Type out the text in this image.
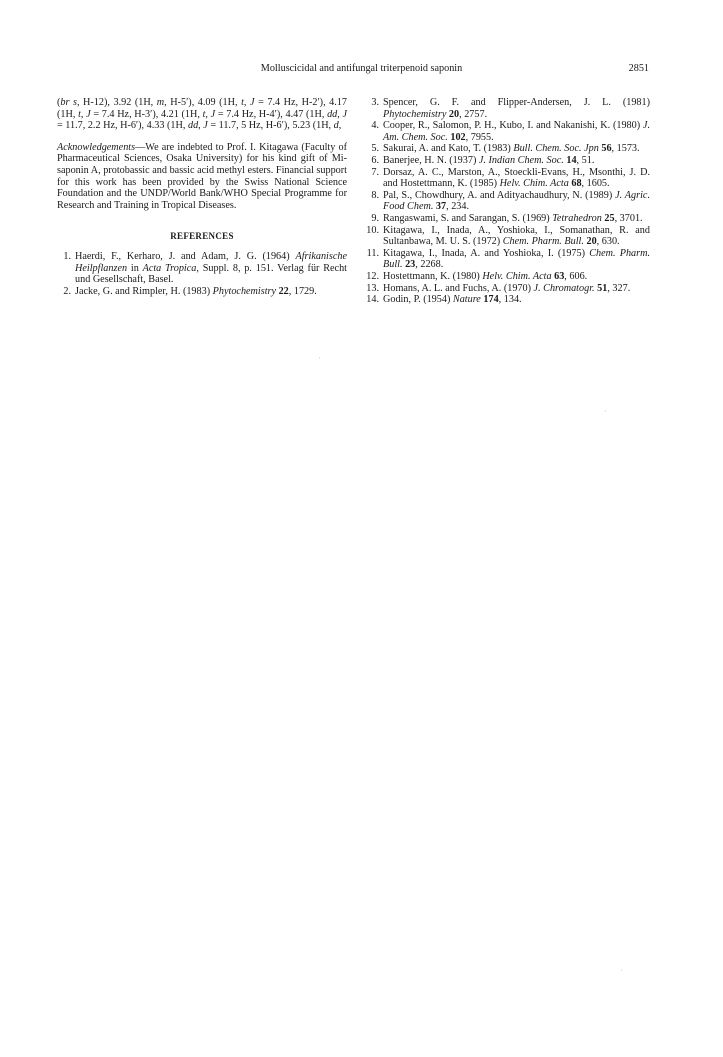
Molluscicidal and antifungal triterpenoid saponin	2851

(br s, H-12), 3.92 (1H, m, H-5′), 4.09 (1H, t, J = 7.4 Hz, H-2′), 4.17 (1H, t, J = 7.4 Hz, H-3′), 4.21 (1H, t, J = 7.4 Hz, H-4′), 4.47 (1H, dd, J = 11.7, 2.2 Hz, H-6′), 4.33 (1H, dd, J = 11.7, 5 Hz, H-6′), 5.23 (1H, d,

Acknowledgements—We are indebted to Prof. I. Kitagawa (Faculty of Pharmaceutical Sciences, Osaka University) for his kind gift of Mi-saponin A, protobassic and bassic acid methyl esters. Financial support for this work has been provided by the Swiss National Science Foundation and the UNDP/World Bank/WHO Special Programme for Research and Training in Tropical Diseases.

REFERENCES
1. Haerdi, F., Kerharo, J. and Adam, J. G. (1964) Afrikanische Heilpflanzen in Acta Tropica, Suppl. 8, p. 151. Verlag für Recht und Gesellschaft, Basel.
2. Jacke, G. and Rimpler, H. (1983) Phytochemistry 22, 1729.
3. Spencer, G. F. and Flipper-Andersen, J. L. (1981) Phytochemistry 20, 2757.
4. Cooper, R., Salomon, P. H., Kubo, I. and Nakanishi, K. (1980) J. Am. Chem. Soc. 102, 7955.
5. Sakurai, A. and Kato, T. (1983) Bull. Chem. Soc. Jpn 56, 1573.
6. Banerjee, H. N. (1937) J. Indian Chem. Soc. 14, 51.
7. Dorsaz, A. C., Marston, A., Stoeckli-Evans, H., Msonthi, J. D. and Hostettmann, K. (1985) Helv. Chim. Acta 68, 1605.
8. Pal, S., Chowdhury, A. and Adityachaudhury, N. (1989) J. Agric. Food Chem. 37, 234.
9. Rangaswami, S. and Sarangan, S. (1969) Tetrahedron 25, 3701.
10. Kitagawa, I., Inada, A., Yoshioka, I., Somanathan, R. and Sultanbawa, M. U. S. (1972) Chem. Pharm. Bull. 20, 630.
11. Kitagawa, I., Inada, A. and Yoshioka, I. (1975) Chem. Pharm. Bull. 23, 2268.
12. Hostettmann, K. (1980) Helv. Chim. Acta 63, 606.
13. Homans, A. L. and Fuchs, A. (1970) J. Chromatogr. 51, 327.
14. Godin, P. (1954) Nature 174, 134.
·
·
·
